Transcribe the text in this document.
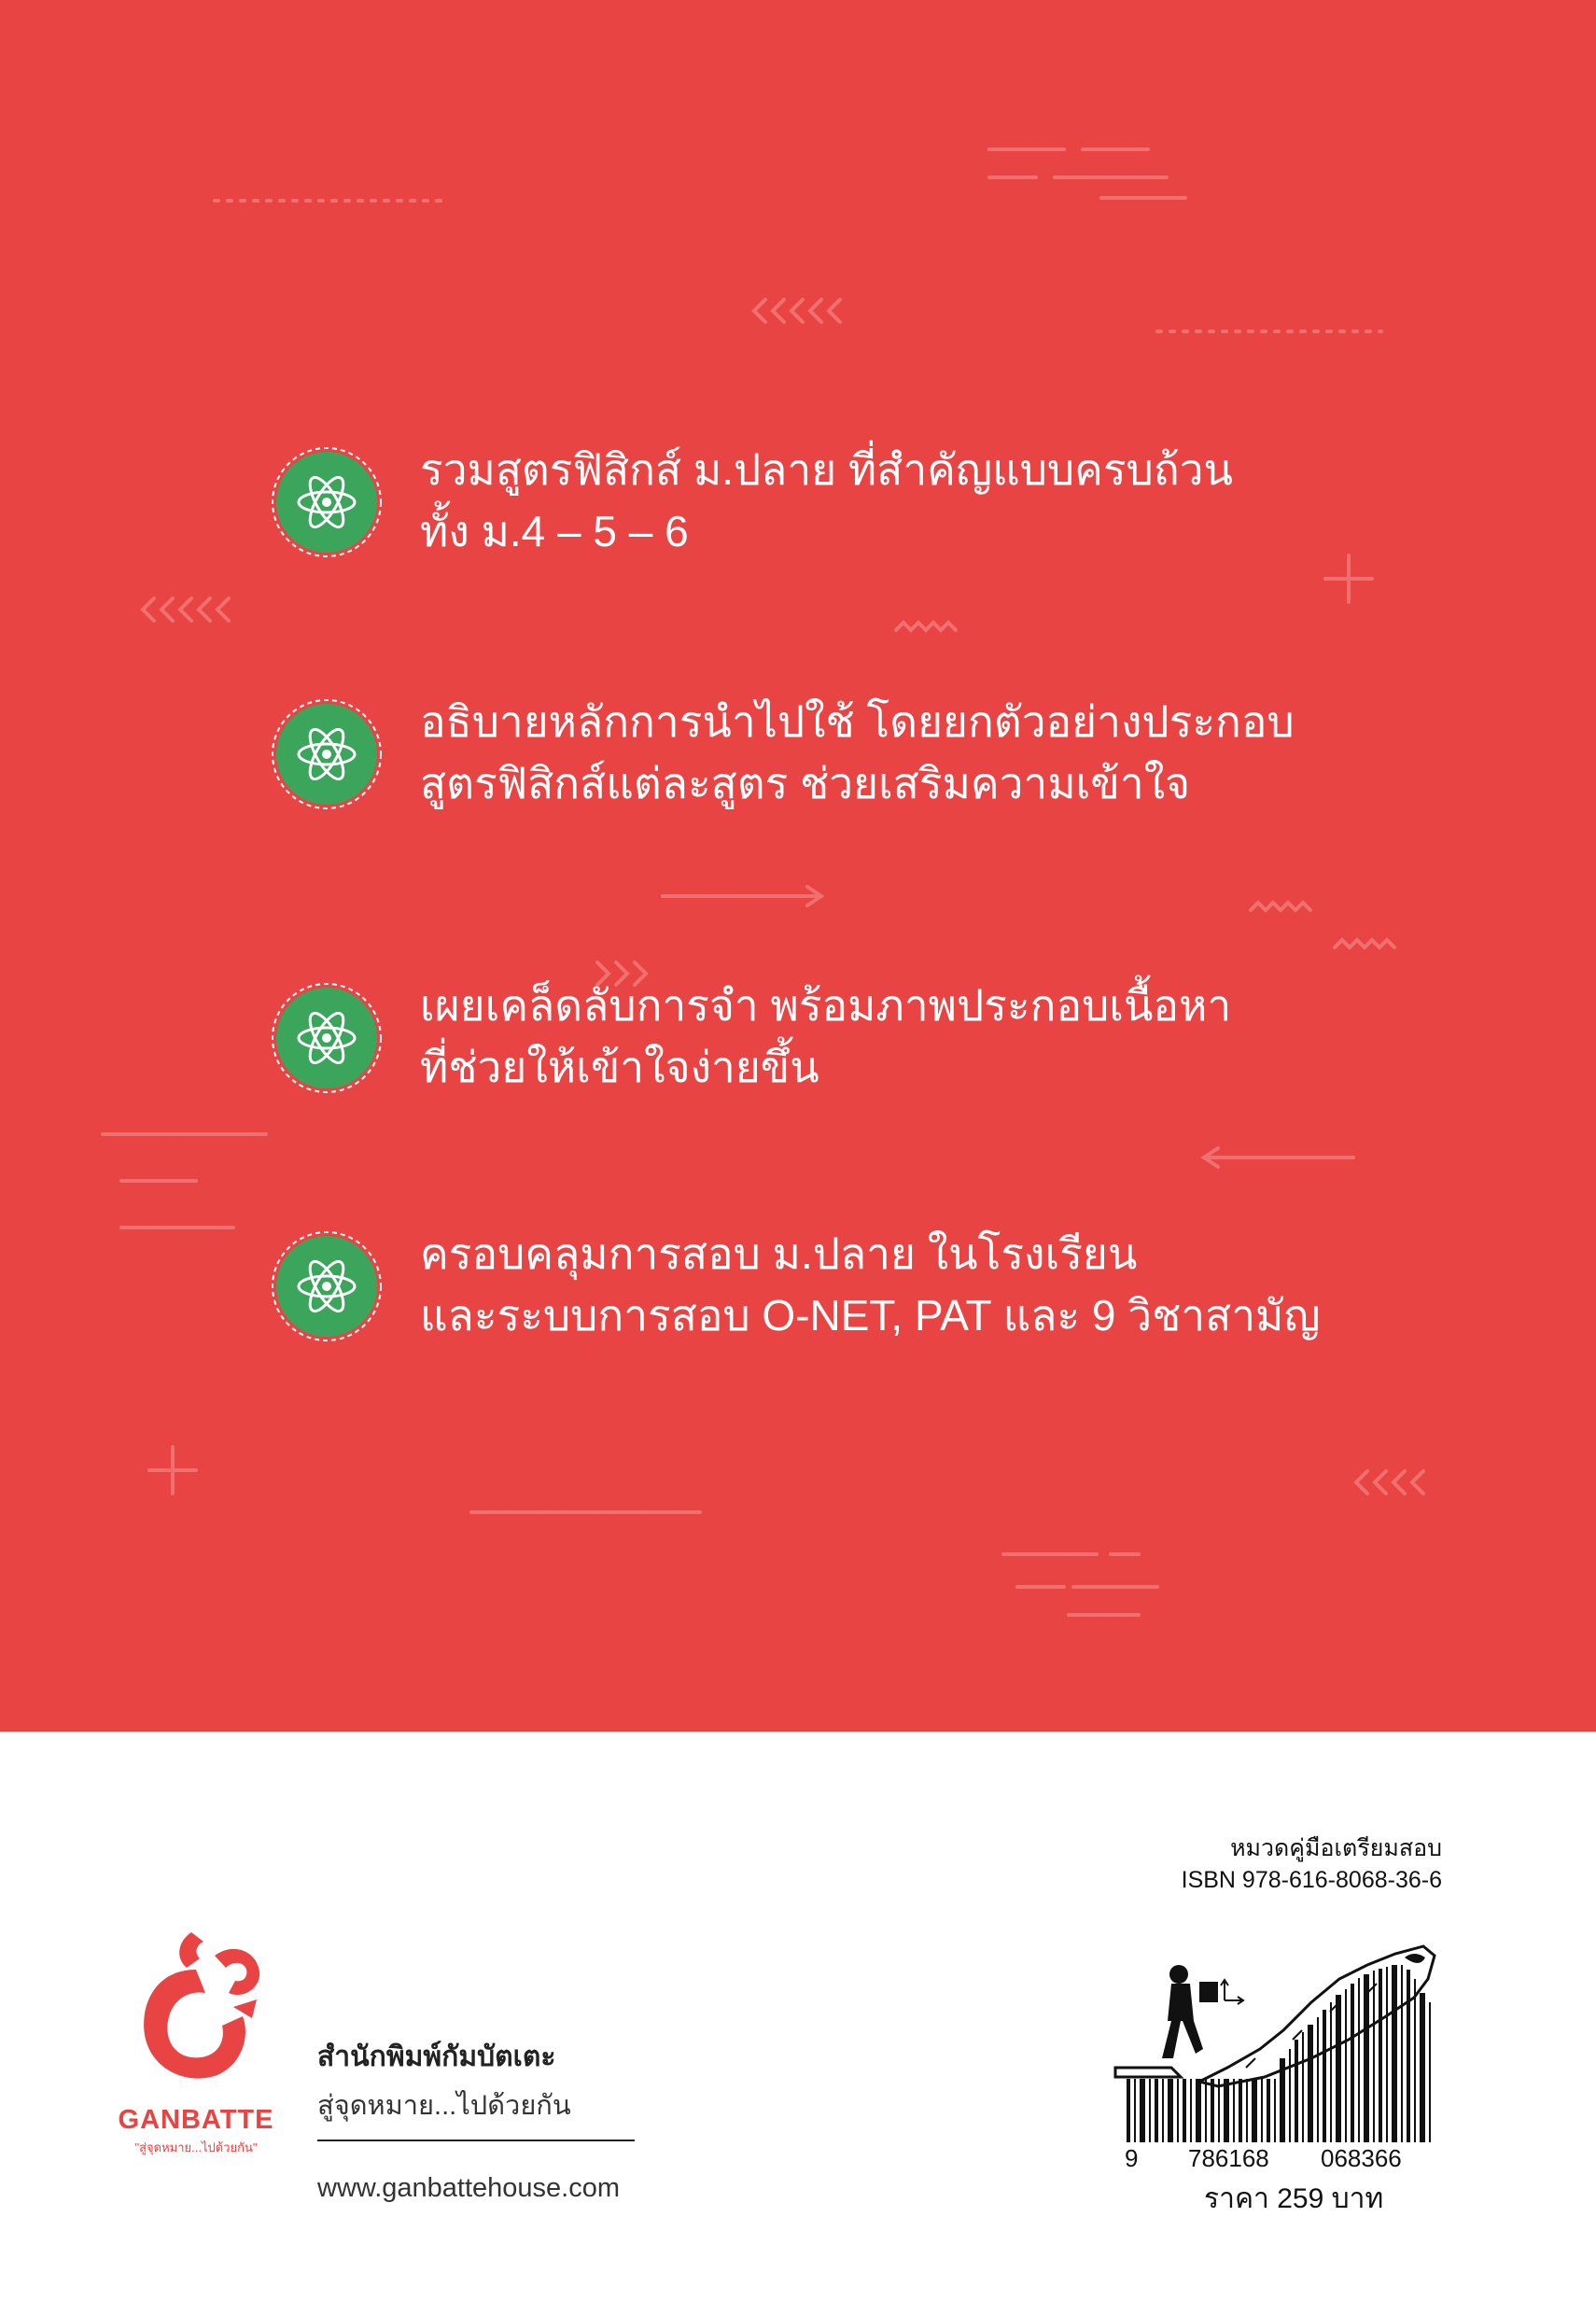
รวมสูตรฟิสิกส์ ม.ปลาย ที่สำคัญแบบครบถ้วน
ทั้ง ม.4 – 5 – 6
อธิบายหลักการนำไปใช้ โดยยกตัวอย่างประกอบ
สูตรฟิสิกส์แต่ละสูตร ช่วยเสริมความเข้าใจ
เผยเคล็ดลับการจำ พร้อมภาพประกอบเนื้อหา
ที่ช่วยให้เข้าใจง่ายขึ้น
ครอบคลุมการสอบ ม.ปลาย ในโรงเรียน
และระบบการสอบ O-NET, PAT และ 9 วิชาสามัญ
GANBATTE
"สู่จุดหมาย...ไปด้วยกัน"
สำนักพิมพ์กัมบัตเตะ
สู่จุดหมาย...ไปด้วยกัน
www.ganbattehouse.com
หมวดคู่มือเตรียมสอบ
ISBN 978-616-8068-36-6
9 786168 068366
ราคา 259 บาท
